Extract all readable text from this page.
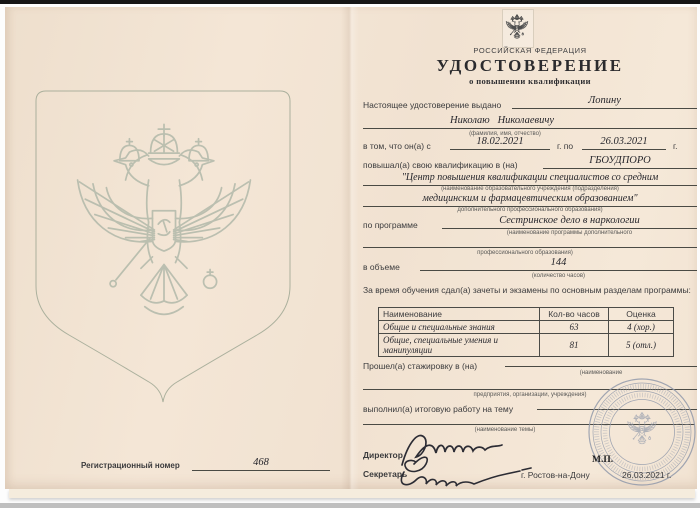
Регистрационный номер	468
РОССИЙСКАЯ ФЕДЕРАЦИЯ
УДОСТОВЕРЕНИЕ
о повышении квалификации
Настоящее удостоверение выдано	Лопину
Николаю   Николаевичу
(фамилия, имя, отчество)
в том, что он(а) с	18.02.2021	г. по	26.03.2021	г.
повышал(а) свою квалификацию в (на)	ГБОУДПОРО
"Центр повышения квалификации специалистов со средним
(наименование образовательного учреждения (подразделения)
медицинским и фармацевтическим образованием"
дополнительного профессионального образования)
по программе	Сестринское дело в наркологии
(наименование программы дополнительного
профессионального образования)
в объеме	144
(количество часов)
За время обучения сдал(а) зачеты и экзамены по основным разделам программы:
Наименование	Кол-во часов	Оценка
Общие и специальные знания	63	4 (хор.)
Общие, специальные умения и манипуляции	81	5 (отл.)
Прошел(а) стажировку в (на)
(наименование
предприятия, организации, учреждения)
выполнил(а) итоговую работу на тему
(наименование темы)
Директор	М.П.
Секретарь	г. Ростов-на-Дону	26.03.2021 г.
